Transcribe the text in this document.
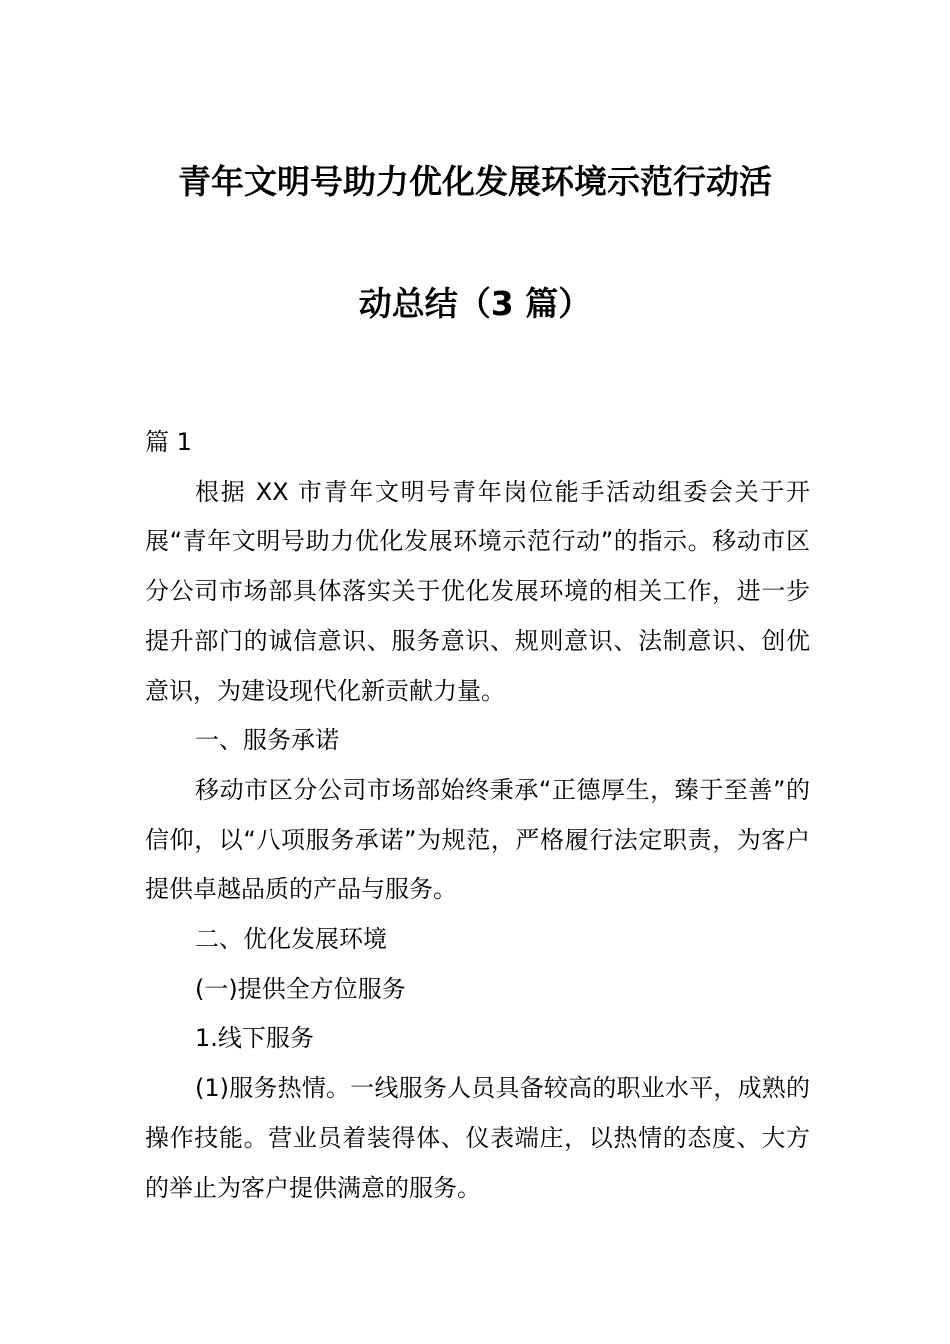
青年文明号助力优化发展环境示范行动活
动总结（3 篇）

篇 1

根据 XX 市青年文明号青年岗位能手活动组委会关于开展“青年文明号助力优化发展环境示范行动”的指示。移动市区分公司市场部具体落实关于优化发展环境的相关工作，进一步提升部门的诚信意识、服务意识、规则意识、法制意识、创优意识，为建设现代化新贡献力量。

一、服务承诺

移动市区分公司市场部始终秉承“正德厚生，臻于至善”的信仰，以“八项服务承诺”为规范，严格履行法定职责，为客户提供卓越品质的产品与服务。

二、优化发展环境

(一)提供全方位服务

1.线下服务

(1)服务热情。一线服务人员具备较高的职业水平，成熟的操作技能。营业员着装得体、仪表端庄，以热情的态度、大方的举止为客户提供满意的服务。
